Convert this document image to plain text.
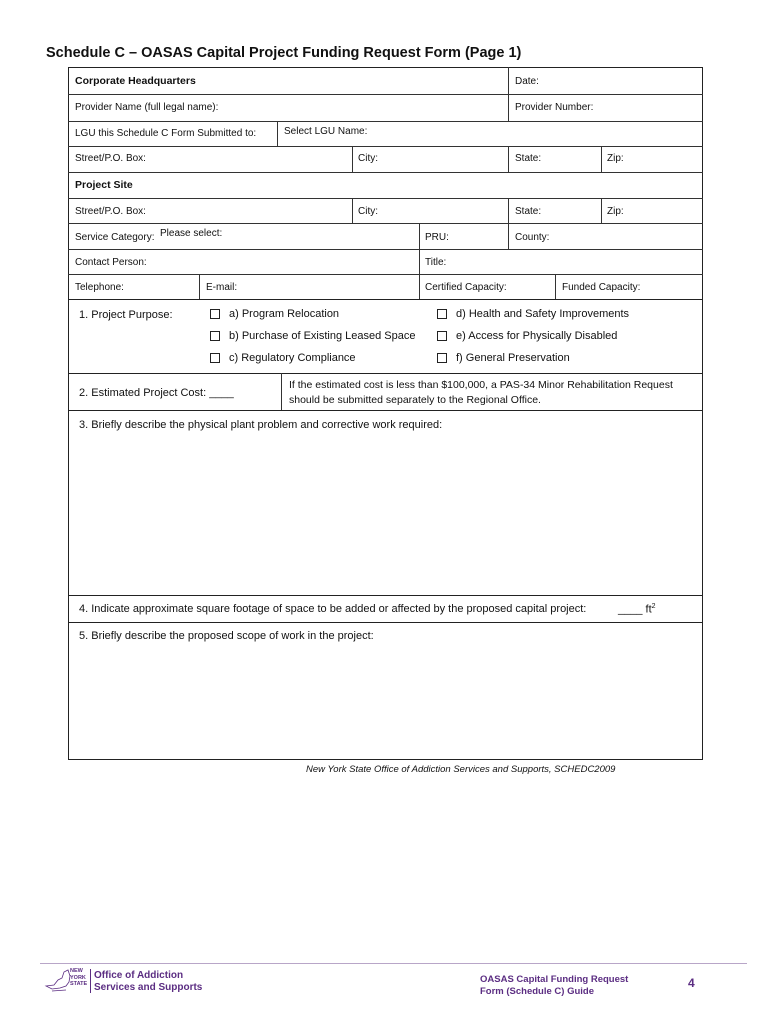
Schedule C – OASAS Capital Project Funding Request Form (Page 1)
Corporate Headquarters	Date:
Provider Name (full legal name):	Provider Number:
LGU this Schedule C Form Submitted to:	Select LGU Name:
Street/P.O. Box:	City:	State:	Zip:
Project Site
Street/P.O. Box:	City:	State:	Zip:
Service Category: Please select:	PRU:	County:
Contact Person:	Title:
Telephone:	E-mail:	Certified Capacity:	Funded Capacity:
1. Project Purpose:	a) Program Relocation
b) Purchase of Existing Leased Space
c) Regulatory Compliance
d) Health and Safety Improvements
e) Access for Physically Disabled
f) General Preservation
2. Estimated Project Cost: ____
If the estimated cost is less than $100,000, a PAS-34 Minor Rehabilitation Request
should be submitted separately to the Regional Office.
3. Briefly describe the physical plant problem and corrective work required:
4. Indicate approximate square footage of space to be added or affected by the proposed capital project:	____ $ft^2$
5. Briefly describe the proposed scope of work in the project:
New York State Office of Addiction Services and Supports, SCHEDC2009
NEW
YORK
STATE
Office of Addiction
Services and Supports
OASAS Capital Funding Request
Form (Schedule C) Guide
4
